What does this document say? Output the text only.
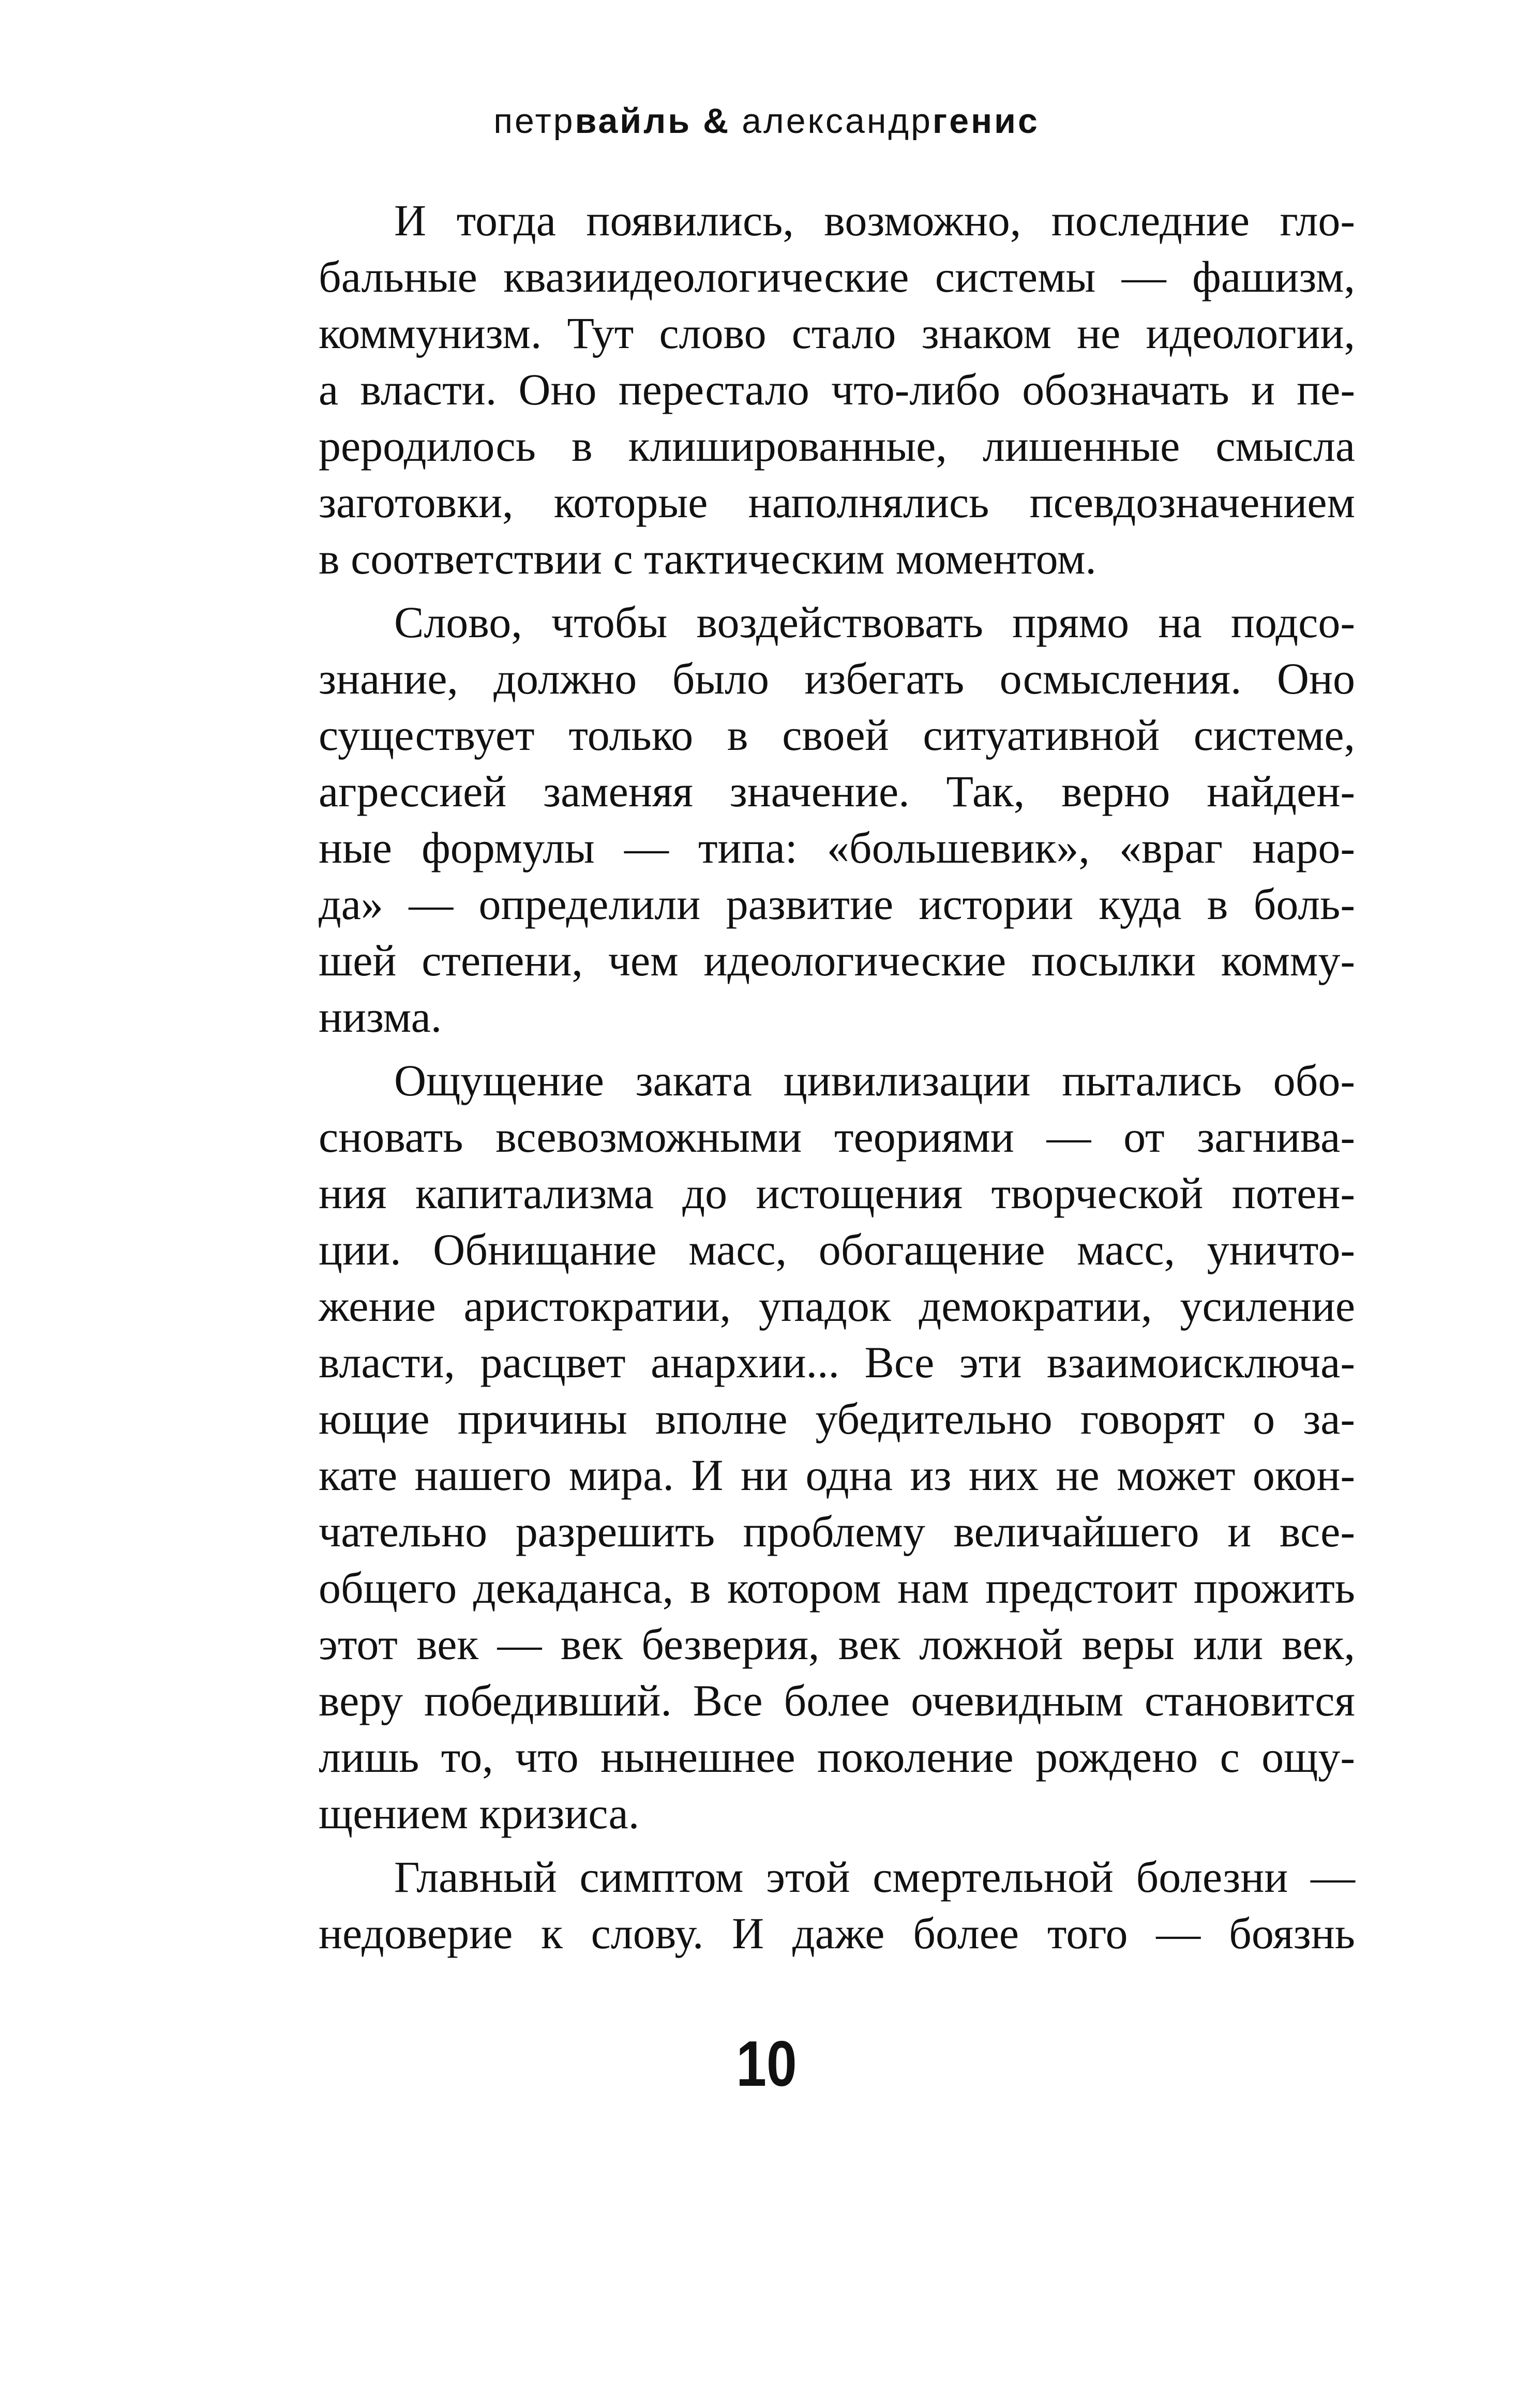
петрвайль & александргенис

И тогда появились, возможно, последние гло-
бальные квазиидеологические системы — фашизм,
коммунизм. Тут слово стало знаком не идеологии,
а власти. Оно перестало что-либо обозначать и пе-
реродилось в клишированные, лишенные смысла
заготовки, которые наполнялись псевдозначением
в соответствии с тактическим моментом.

Слово, чтобы воздействовать прямо на подсо-
знание, должно было избегать осмысления. Оно
существует только в своей ситуативной системе,
агрессией заменяя значение. Так, верно найден-
ные формулы — типа: «большевик», «враг наро-
да» — определили развитие истории куда в боль-
шей степени, чем идеологические посылки комму-
низма.

Ощущение заката цивилизации пытались обо-
сновать всевозможными теориями — от загнива-
ния капитализма до истощения творческой потен-
ции. Обнищание масс, обогащение масс, уничто-
жение аристократии, упадок демократии, усиление
власти, расцвет анархии... Все эти взаимоисключа-
ющие причины вполне убедительно говорят о за-
кате нашего мира. И ни одна из них не может окон-
чательно разрешить проблему величайшего и все-
общего декаданса, в котором нам предстоит прожить
этот век — век безверия, век ложной веры или век,
веру победивший. Все более очевидным становится
лишь то, что нынешнее поколение рождено с ощу-
щением кризиса.

Главный симптом этой смертельной болезни —
недоверие к слову. И даже более того — боязнь

10
